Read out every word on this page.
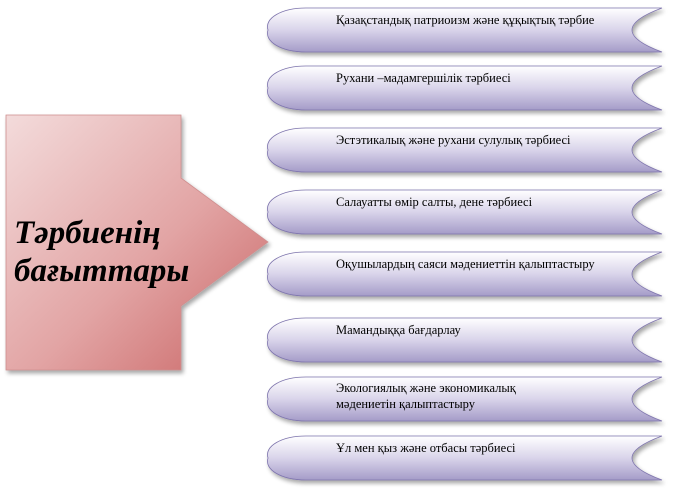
Тәрбиенің
бағыттары
Қазақстандық патриоизм және құқықтық тәрбие
Рухани –мадамгершілік тәрбиесі
Эстэтикалық және рухани сулулық тәрбиесі
Салауатты өмір салты, дене тәрбиесі
Оқушылардың саяси мәдениеттін қалыптастыру
Мамандыққа бағдарлау
Экологиялық және экономикалық
мәдениетін қалыптастыру
Ұл мен қыз және отбасы тәрбиесі
